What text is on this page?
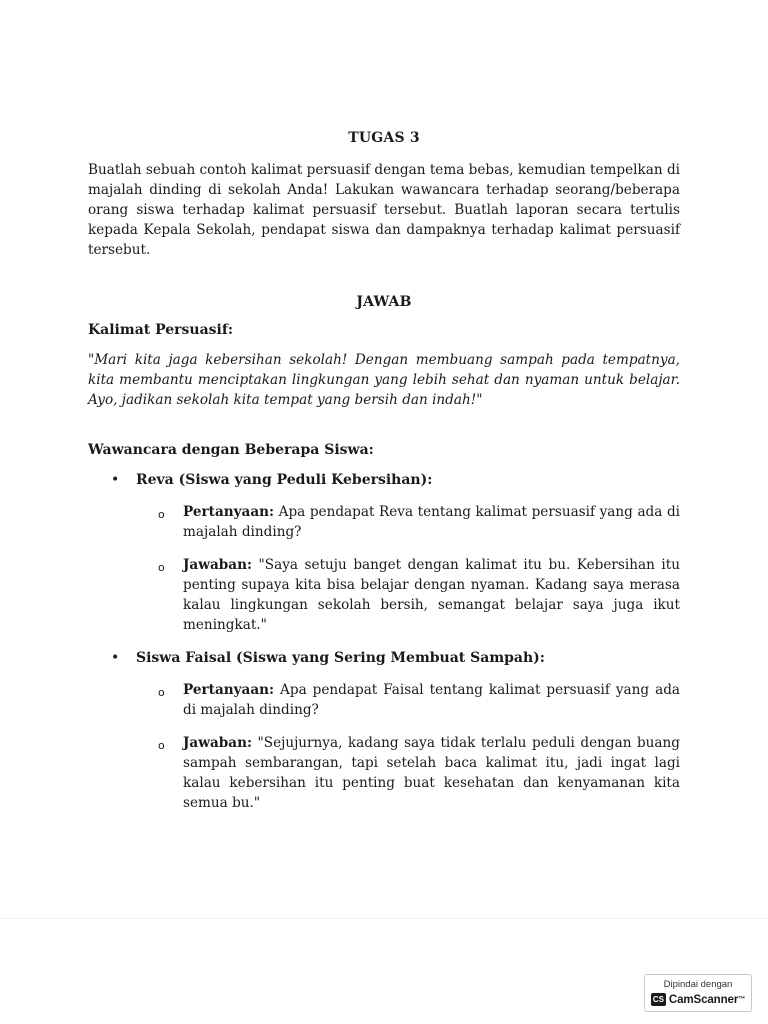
TUGAS 3

Buatlah sebuah contoh kalimat persuasif dengan tema bebas, kemudian tempelkan di majalah dinding di sekolah Anda! Lakukan wawancara terhadap seorang/beberapa orang siswa terhadap kalimat persuasif tersebut. Buatlah laporan secara tertulis kepada Kepala Sekolah, pendapat siswa dan dampaknya terhadap kalimat persuasif tersebut.

JAWAB

Kalimat Persuasif:

"Mari kita jaga kebersihan sekolah! Dengan membuang sampah pada tempatnya, kita membantu menciptakan lingkungan yang lebih sehat dan nyaman untuk belajar. Ayo, jadikan sekolah kita tempat yang bersih dan indah!"

Wawancara dengan Beberapa Siswa:

• Reva (Siswa yang Peduli Kebersihan):

o Pertanyaan: Apa pendapat Reva tentang kalimat persuasif yang ada di majalah dinding?

o Jawaban: "Saya setuju banget dengan kalimat itu bu. Kebersihan itu penting supaya kita bisa belajar dengan nyaman. Kadang saya merasa kalau lingkungan sekolah bersih, semangat belajar saya juga ikut meningkat."

• Siswa Faisal (Siswa yang Sering Membuat Sampah):

o Pertanyaan: Apa pendapat Faisal tentang kalimat persuasif yang ada di majalah dinding?

o Jawaban: "Sejujurnya, kadang saya tidak terlalu peduli dengan buang sampah sembarangan, tapi setelah baca kalimat itu, jadi ingat lagi kalau kebersihan itu penting buat kesehatan dan kenyamanan kita semua bu."

Dipindai dengan
CS CamScanner ™
